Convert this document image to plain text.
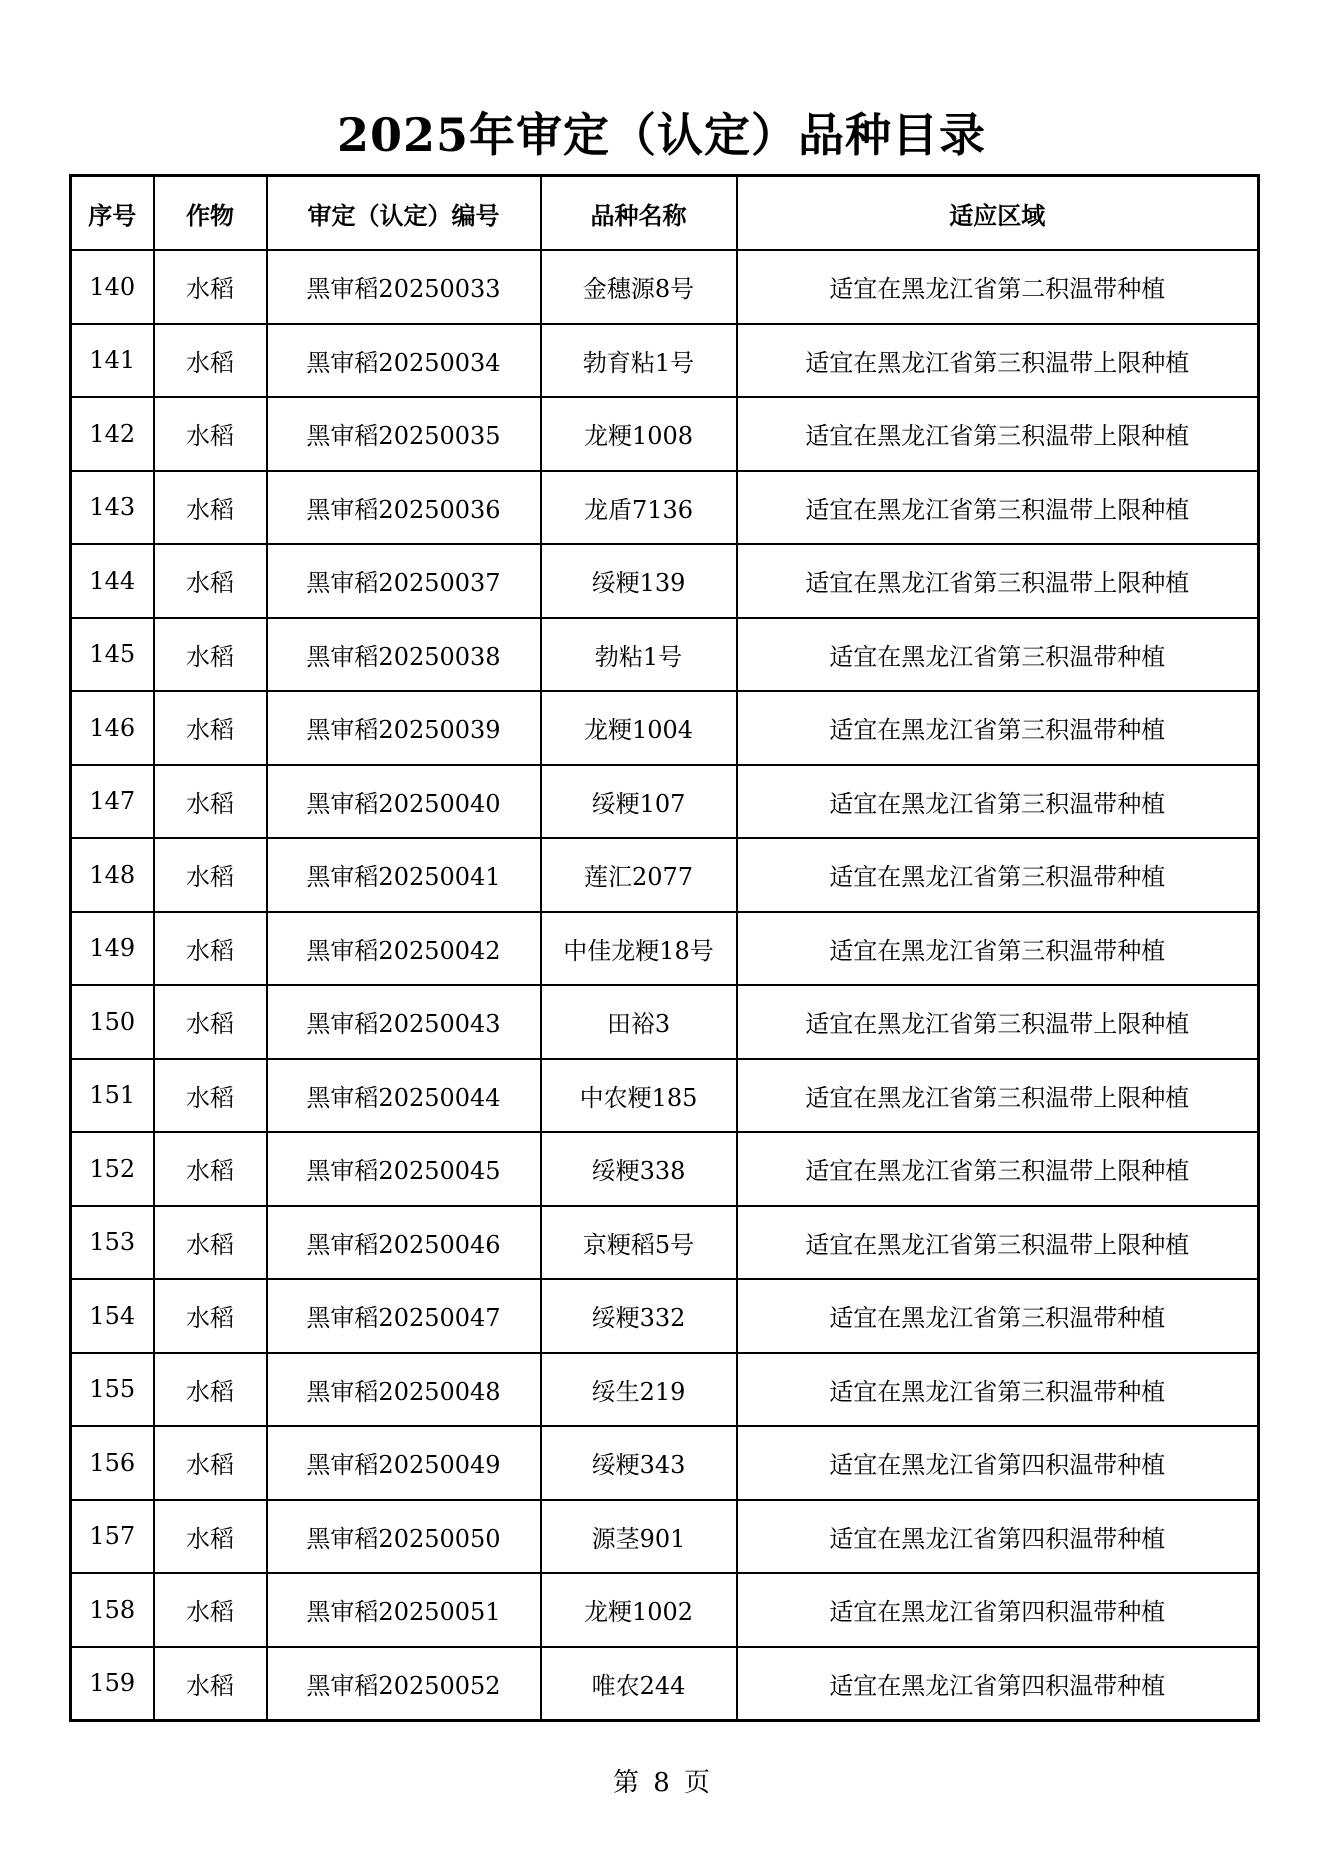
2025年审定（认定）品种目录
序号	作物	审定（认定）编号	品种名称	适应区域
140	水稻	黑审稻20250033	金穗源8号	适宜在黑龙江省第二积温带种植
141	水稻	黑审稻20250034	勃育粘1号	适宜在黑龙江省第三积温带上限种植
142	水稻	黑审稻20250035	龙粳1008	适宜在黑龙江省第三积温带上限种植
143	水稻	黑审稻20250036	龙盾7136	适宜在黑龙江省第三积温带上限种植
144	水稻	黑审稻20250037	绥粳139	适宜在黑龙江省第三积温带上限种植
145	水稻	黑审稻20250038	勃粘1号	适宜在黑龙江省第三积温带种植
146	水稻	黑审稻20250039	龙粳1004	适宜在黑龙江省第三积温带种植
147	水稻	黑审稻20250040	绥粳107	适宜在黑龙江省第三积温带种植
148	水稻	黑审稻20250041	莲汇2077	适宜在黑龙江省第三积温带种植
149	水稻	黑审稻20250042	中佳龙粳18号	适宜在黑龙江省第三积温带种植
150	水稻	黑审稻20250043	田裕3	适宜在黑龙江省第三积温带上限种植
151	水稻	黑审稻20250044	中农粳185	适宜在黑龙江省第三积温带上限种植
152	水稻	黑审稻20250045	绥粳338	适宜在黑龙江省第三积温带上限种植
153	水稻	黑审稻20250046	京粳稻5号	适宜在黑龙江省第三积温带上限种植
154	水稻	黑审稻20250047	绥粳332	适宜在黑龙江省第三积温带种植
155	水稻	黑审稻20250048	绥生219	适宜在黑龙江省第三积温带种植
156	水稻	黑审稻20250049	绥粳343	适宜在黑龙江省第四积温带种植
157	水稻	黑审稻20250050	源茎901	适宜在黑龙江省第四积温带种植
158	水稻	黑审稻20250051	龙粳1002	适宜在黑龙江省第四积温带种植
159	水稻	黑审稻20250052	唯农244	适宜在黑龙江省第四积温带种植
第 8 页
